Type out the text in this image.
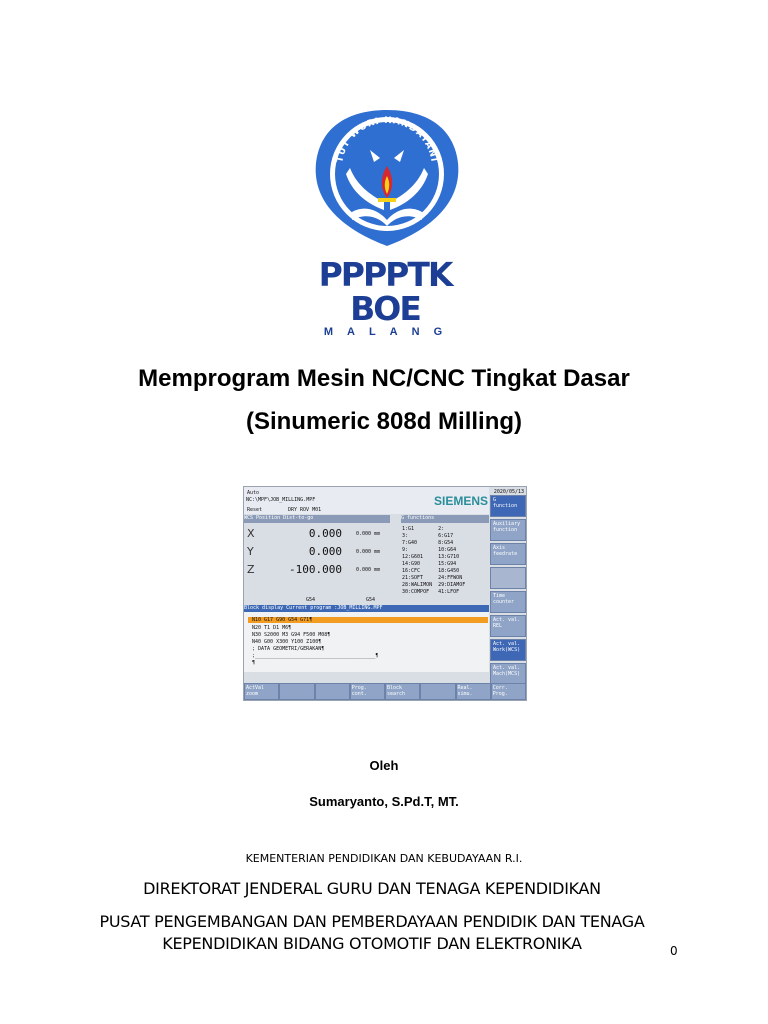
TUT WURI HANDAYANI
PPPPTK BOE
MALANG
Memprogram Mesin NC/CNC Tingkat Dasar
(Sinumeric 808d Milling)
Auto
NC:\MPF\JOB_MILLING.MPF
Reset	DRY ROV M01
SIEMENS
2020/05/13
G function
Auxiliary function
Axis feedrate
Time counter
Act. val. REL
Act. val. Work(WCS)
Act. val. Mach(MCS)
WCS Position Dist-to-go	G functions
X	0.000	0.000 mm
Y	0.000	0.000 mm
Z	-100.000	0.000 mm
G54	G54
1:G1        2:
3:          6:G17
7:G40       8:G54
9:          10:G64
12:G601     13:G710
14:G90      15:G94
16:CFC      18:G450
21:SOFT     24:FFWON
28:WALIMON  29:DIAMOF
30:COMPOF   41:LFOF
Block display Current program :JOB_MILLING.MPF
N10 G17 G90 G54 G71¶
N20 T1 D1 M6¶
N30 S2000 M3 G94 F500 M08¶
N40 G00 X300 Y100 Z100¶
; DATA GEOMETRI/GERAKAN¶
;________________________________________¶
¶
ActVal zoom
Prog. cont.
Block search
Real. simu.
Corr. Prog.
Oleh
Sumaryanto, S.Pd.T, MT.
KEMENTERIAN PENDIDIKAN DAN KEBUDAYAAN R.I.
DIREKTORAT JENDERAL GURU DAN TENAGA KEPENDIDIKAN
PUSAT PENGEMBANGAN DAN PEMBERDAYAAN PENDIDIK DAN TENAGA
KEPENDIDIKAN BIDANG OTOMOTIF DAN ELEKTRONIKA	0
